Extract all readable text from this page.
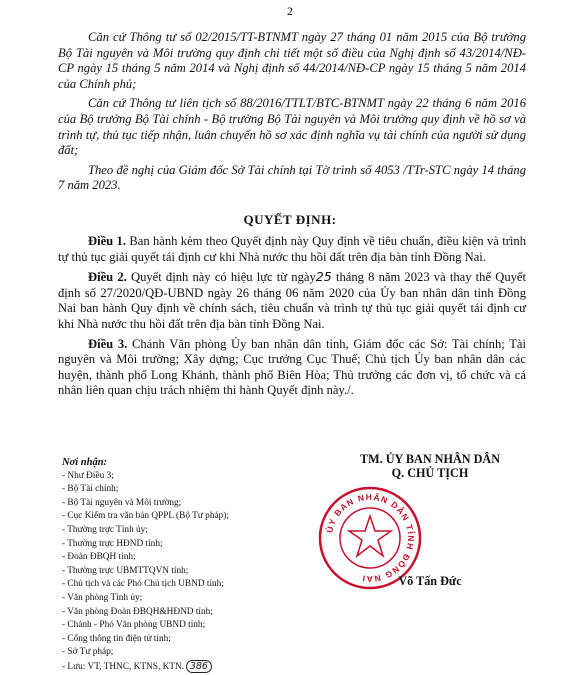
2

Căn cứ Thông tư số 02/2015/TT-BTNMT ngày 27 tháng 01 năm 2015 của Bộ trưởng Bộ Tài nguyên và Môi trường quy định chi tiết một số điều của Nghị định số 43/2014/NĐ-CP ngày 15 tháng 5 năm 2014 và Nghị định số 44/2014/NĐ-CP ngày 15 tháng 5 năm 2014 của Chính phủ;

Căn cứ Thông tư liên tịch số 88/2016/TTLT/BTC-BTNMT ngày 22 tháng 6 năm 2016 của Bộ trưởng Bộ Tài chính - Bộ trưởng Bộ Tài nguyên và Môi trường quy định về hồ sơ và trình tự, thủ tục tiếp nhận, luân chuyển hồ sơ xác định nghĩa vụ tài chính của người sử dụng đất;

Theo đề nghị của Giám đốc Sở Tài chính tại Tờ trình số 4053 /TTr-STC ngày 14 tháng 7 năm 2023.

QUYẾT ĐỊNH:

Điều 1. Ban hành kèm theo Quyết định này Quy định về tiêu chuẩn, điều kiện và trình tự thủ tục giải quyết tái định cư khi Nhà nước thu hồi đất trên địa bàn tỉnh Đồng Nai.

Điều 2. Quyết định này có hiệu lực từ ngày25 tháng 8 năm 2023 và thay thế Quyết định số 27/2020/QĐ-UBND ngày 26 tháng 06 năm 2020 của Ủy ban nhân dân tỉnh Đồng Nai ban hành Quy định về chính sách, tiêu chuẩn và trình tự thủ tục giải quyết tái định cư khi Nhà nước thu hồi đất trên địa bàn tỉnh Đồng Nai.

Điều 3. Chánh Văn phòng Ủy ban nhân dân tỉnh, Giám đốc các Sở: Tài chính; Tài nguyên và Môi trường; Xây dựng; Cục trưởng Cục Thuế; Chủ tịch Ủy ban nhân dân các huyện, thành phố Long Khánh, thành phố Biên Hòa; Thủ trưởng các đơn vị, tổ chức và cá nhân liên quan chịu trách nhiệm thi hành Quyết định này./.

Nơi nhận:
- Như Điều 3;
- Bộ Tài chính;
- Bộ Tài nguyên và Môi trường;
- Cục Kiểm tra văn bản QPPL (Bộ Tư pháp);
- Thường trực Tỉnh ủy;
- Thường trực HĐND tỉnh;
- Đoàn ĐBQH tỉnh;
- Thường trực UBMTTQVN tỉnh;
- Chủ tịch và các Phó Chủ tịch UBND tỉnh;
- Văn phòng Tỉnh ủy;
- Văn phòng Đoàn ĐBQH&HĐND tỉnh;
- Chánh - Phó Văn phòng UBND tỉnh;
- Cổng thông tin điện tử tỉnh;
- Sở Tư pháp;
- Lưu: VT, THNC, KTNS, KTN. 386
TM. ỦY BAN NHÂN DÂN
Q. CHỦ TỊCH
ỦY BAN NHÂN DÂN TỈNH ĐỒNG NAI	Võ Tấn Đức
